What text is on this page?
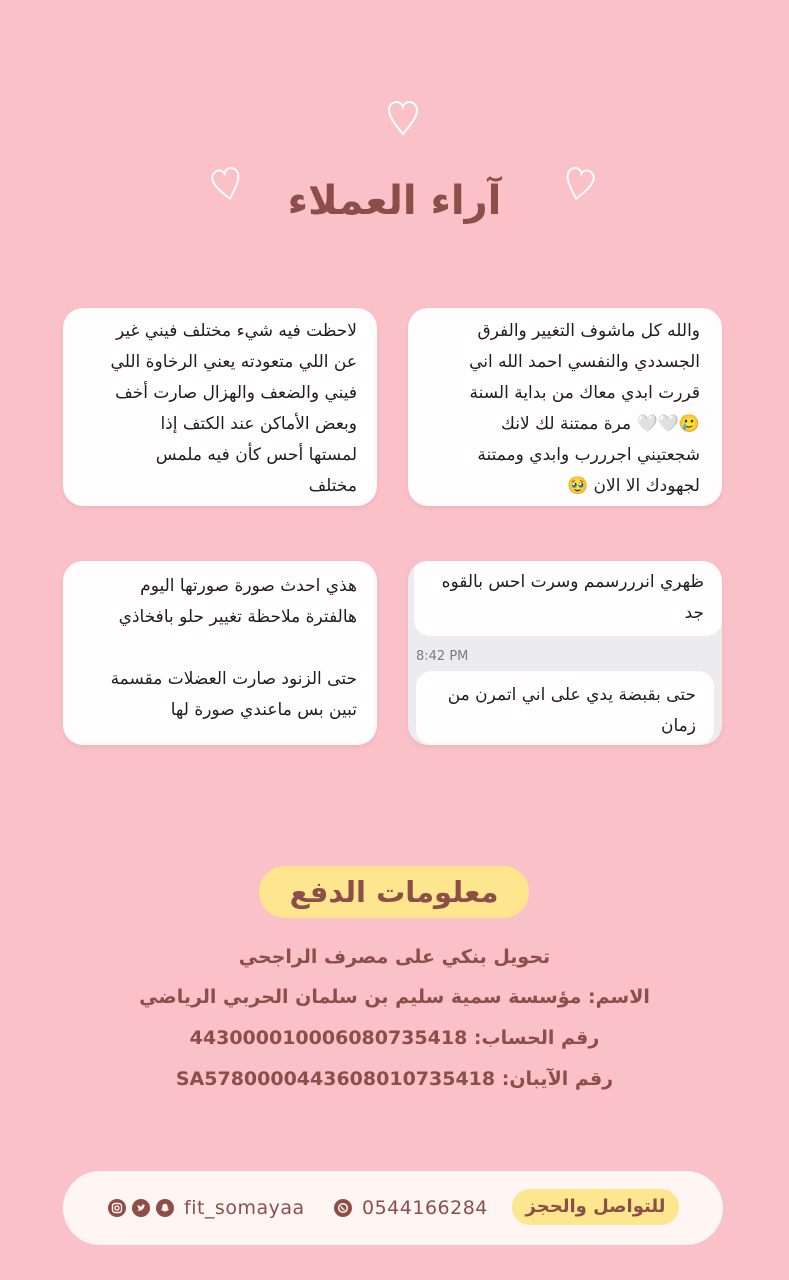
آراء العملاء
والله كل ماشوف التغيير والفرق
الجسددي والنفسي احمد الله اني
قررت ابدي معاك من بداية السنة
🥲🤍🤍 مرة ممتنة لك لانك
شجعتيني اجرررب وابدي وممتنة
لجهودك الا الان 🥹
لاحظت فيه شيء مختلف فيني غير
عن اللي متعودته يعني الرخاوة اللي
فيني والضعف والهزال صارت أخف
وبعض الأماكن عند الكتف إذا
لمستها أحس كأن فيه ملمس
مختلف
هذي احدث صورة صورتها اليوم
هالفترة ملاحظة تغيير حلو بافخاذي
حتى الزنود صارت العضلات مقسمة
تبين بس ماعندي صورة لها
ظهري انرررسمم وسرت احس بالقوه
جد
8:42 PM
حتى بقبضة يدي على اني اتمرن من
زمان
معلومات الدفع
تحويل بنكي على مصرف الراجحي
الاسم: مؤسسة سمية سليم بن سلمان الحربي الرياضي
رقم الحساب: 443000010006080735418
رقم الآيبان: SA5780000443608010735418
للتواصل والحجز
0544166284
fit_somayaa
